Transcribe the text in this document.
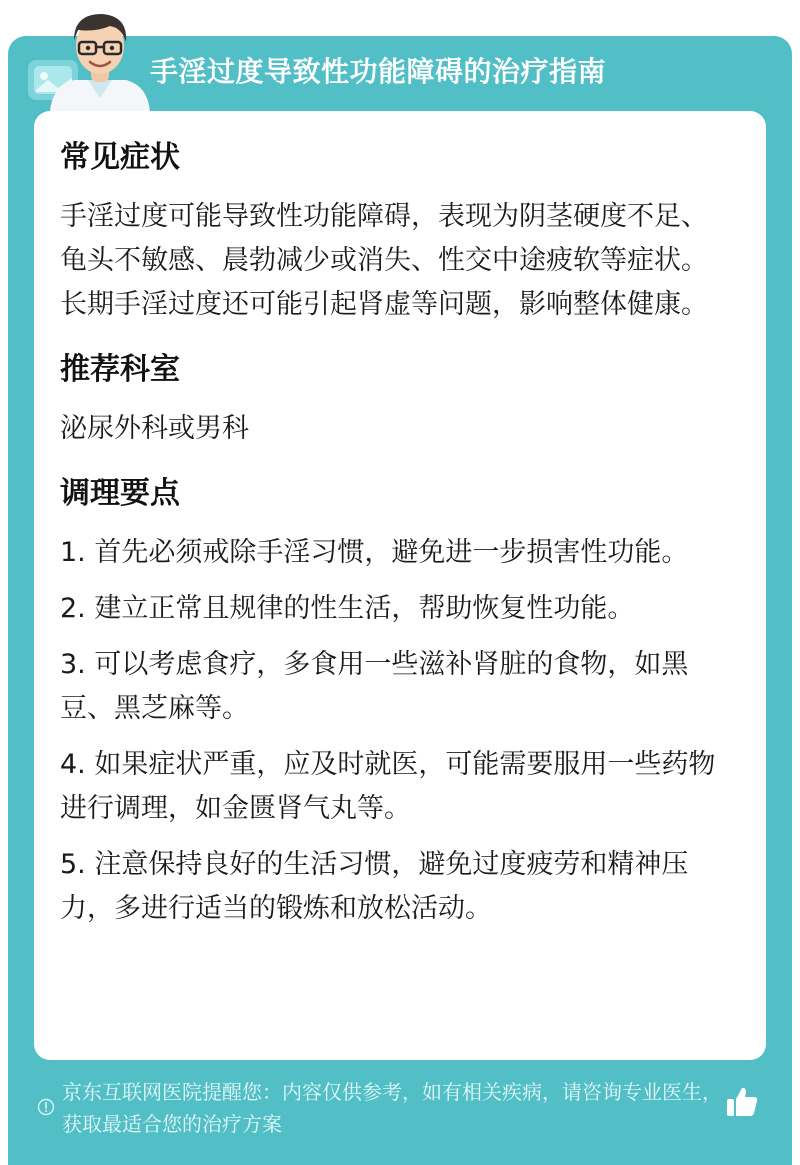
手淫过度导致性功能障碍的治疗指南
常见症状

手淫过度可能导致性功能障碍，表现为阴茎硬度不足、龟头不敏感、晨勃减少或消失、性交中途疲软等症状。长期手淫过度还可能引起肾虚等问题，影响整体健康。

推荐科室

泌尿外科或男科

调理要点

1. 首先必须戒除手淫习惯，避免进一步损害性功能。

2. 建立正常且规律的性生活，帮助恢复性功能。

3. 可以考虑食疗，多食用一些滋补肾脏的食物，如黑豆、黑芝麻等。

4. 如果症状严重，应及时就医，可能需要服用一些药物进行调理，如金匮肾气丸等。

5. 注意保持良好的生活习惯，避免过度疲劳和精神压力，多进行适当的锻炼和放松活动。

京东互联网医院提醒您：内容仅供参考，如有相关疾病，请咨询专业医生，获取最适合您的治疗方案
